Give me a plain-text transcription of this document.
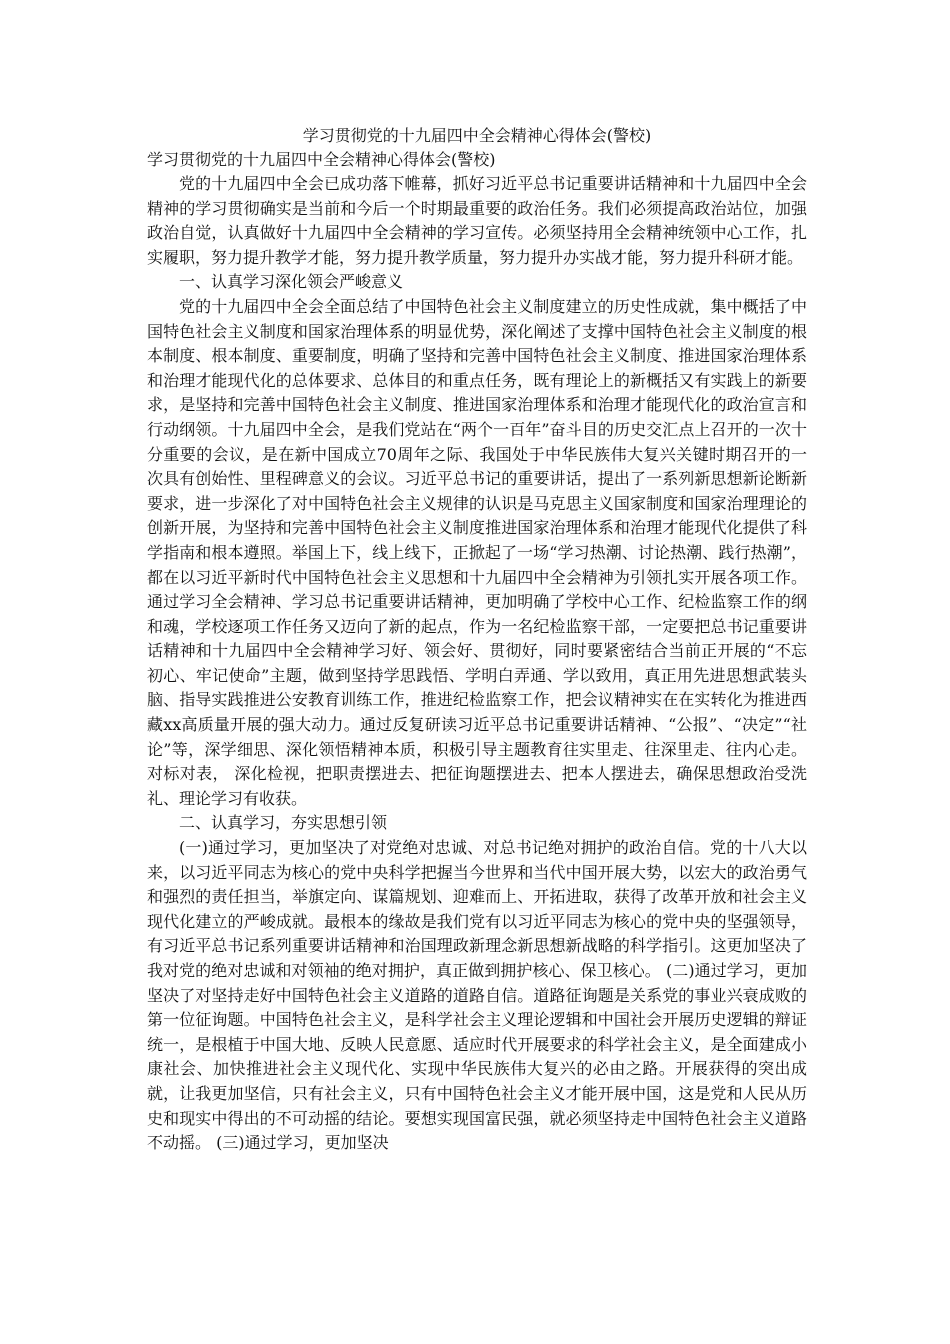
学习贯彻党的十九届四中全会精神心得体会(警校)
学习贯彻党的十九届四中全会精神心得体会(警校)

党的十九届四中全会已成功落下帷幕，抓好习近平总书记重要讲话精神和十九届四中全会精神的学习贯彻确实是当前和今后一个时期最重要的政治任务。我们必须提高政治站位，加强政治自觉，认真做好十九届四中全会精神的学习宣传。必须坚持用全会精神统领中心工作，扎实履职，努力提升教学才能，努力提升教学质量，努力提升办实战才能，努力提升科研才能。

一、认真学习深化领会严峻意义

党的十九届四中全会全面总结了中国特色社会主义制度建立的历史性成就，集中概括了中国特色社会主义制度和国家治理体系的明显优势，深化阐述了支撑中国特色社会主义制度的根本制度、根本制度、重要制度，明确了坚持和完善中国特色社会主义制度、推进国家治理体系和治理才能现代化的总体要求、总体目的和重点任务，既有理论上的新概括又有实践上的新要求，是坚持和完善中国特色社会主义制度、推进国家治理体系和治理才能现代化的政治宣言和行动纲领。十九届四中全会，是我们党站在“两个一百年”奋斗目的历史交汇点上召开的一次十分重要的会议，是在新中国成立70周年之际、我国处于中华民族伟大复兴关键时期召开的一次具有创始性、里程碑意义的会议。习近平总书记的重要讲话，提出了一系列新思想新论断新要求，进一步深化了对中国特色社会主义规律的认识是马克思主义国家制度和国家治理理论的创新开展，为坚持和完善中国特色社会主义制度推进国家治理体系和治理才能现代化提供了科学指南和根本遵照。举国上下，线上线下，正掀起了一场“学习热潮、讨论热潮、践行热潮”，都在以习近平新时代中国特色社会主义思想和十九届四中全会精神为引领扎实开展各项工作。通过学习全会精神、学习总书记重要讲话精神，更加明确了学校中心工作、纪检监察工作的纲和魂，学校逐项工作任务又迈向了新的起点，作为一名纪检监察干部，一定要把总书记重要讲话精神和十九届四中全会精神学习好、领会好、贯彻好，同时要紧密结合当前正开展的“不忘初心、牢记使命”主题，做到坚持学思践悟、学明白弄通、学以致用，真正用先进思想武装头脑、指导实践推进公安教育训练工作，推进纪检监察工作，把会议精神实在在实转化为推进西藏xx高质量开展的强大动力。通过反复研读习近平总书记重要讲话精神、“公报”、“决定”“社论”等，深学细思、深化领悟精神本质，积极引导主题教育往实里走、往深里走、往内心走。对标对表， 深化检视，把职责摆进去、把征询题摆进去、把本人摆进去，确保思想政治受洗礼、理论学习有收获。

二、认真学习，夯实思想引领

(一)通过学习，更加坚决了对党绝对忠诚、对总书记绝对拥护的政治自信。党的十八大以来，以习近平同志为核心的党中央科学把握当今世界和当代中国开展大势，以宏大的政治勇气和强烈的责任担当，举旗定向、谋篇规划、迎难而上、开拓进取，获得了改革开放和社会主义现代化建立的严峻成就。最根本的缘故是我们党有以习近平同志为核心的党中央的坚强领导，有习近平总书记系列重要讲话精神和治国理政新理念新思想新战略的科学指引。这更加坚决了我对党的绝对忠诚和对领袖的绝对拥护，真正做到拥护核心、保卫核心。 (二)通过学习，更加坚决了对坚持走好中国特色社会主义道路的道路自信。道路征询题是关系党的事业兴衰成败的第一位征询题。中国特色社会主义，是科学社会主义理论逻辑和中国社会开展历史逻辑的辩证统一，是根植于中国大地、反映人民意愿、适应时代开展要求的科学社会主义，是全面建成小康社会、加快推进社会主义现代化、实现中华民族伟大复兴的必由之路。开展获得的突出成就，让我更加坚信，只有社会主义，只有中国特色社会主义才能开展中国，这是党和人民从历史和现实中得出的不可动摇的结论。要想实现国富民强，就必须坚持走中国特色社会主义道路不动摇。 (三)通过学习，更加坚决
